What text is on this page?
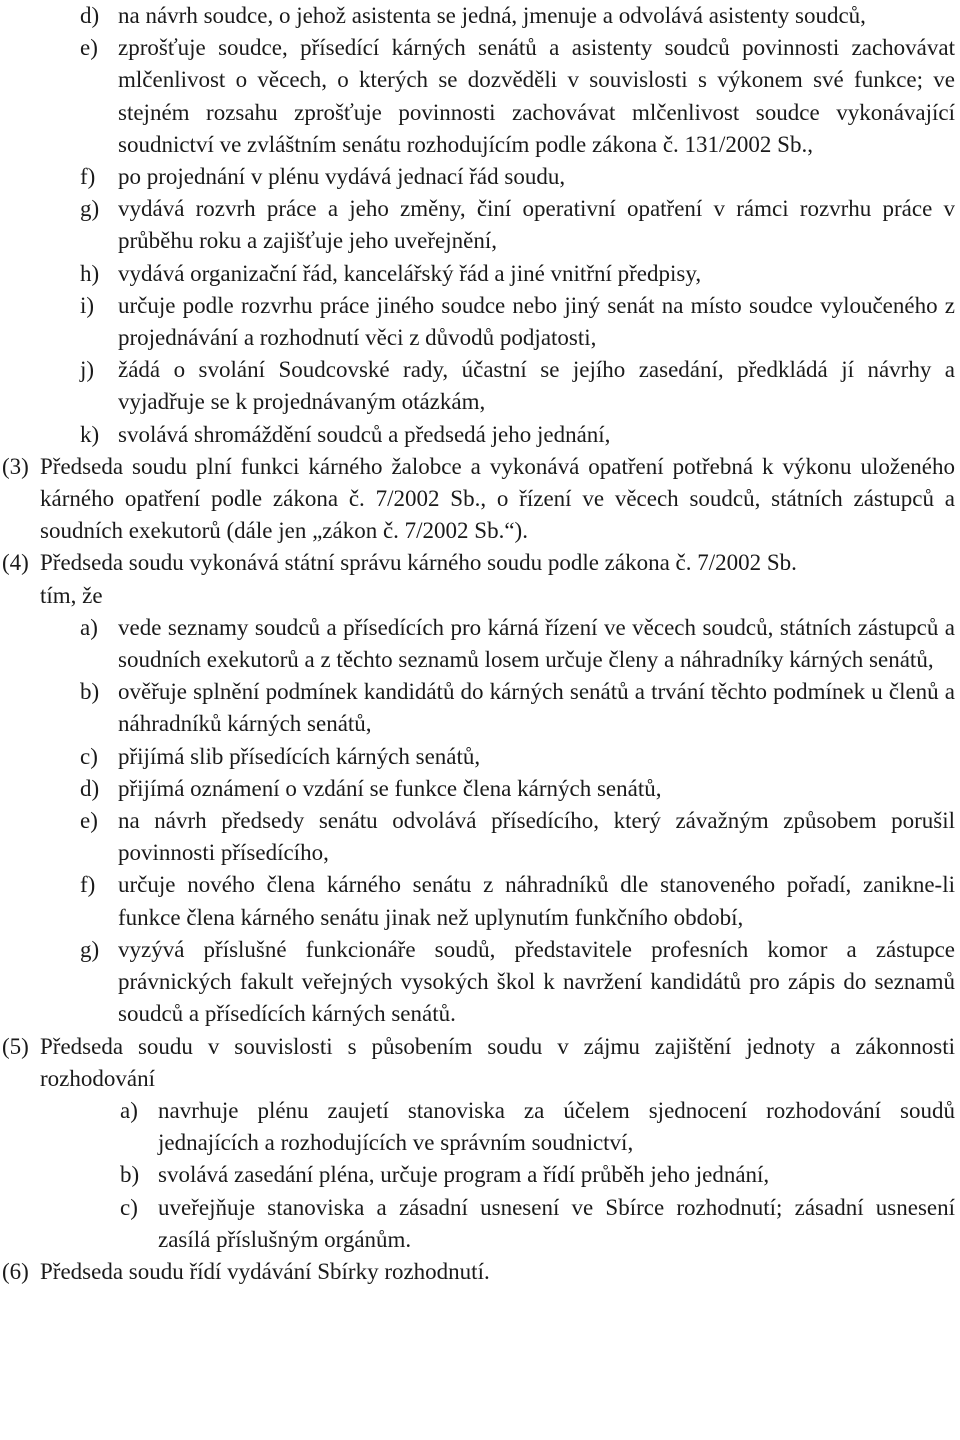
d) na návrh soudce, o jehož asistenta se jedná, jmenuje a odvolává asistenty soudců,
e) zprošťuje soudce, přísedící kárných senátů a asistenty soudců povinnosti zachovávat mlčenlivost o věcech, o kterých se dozvěděli v souvislosti s výkonem své funkce; ve stejném rozsahu zprošťuje povinnosti zachovávat mlčenlivost soudce vykonávající soudnictví ve zvláštním senátu rozhodujícím podle zákona č. 131/2002 Sb.,
f) po projednání v plénu vydává jednací řád soudu,
g) vydává rozvrh práce a jeho změny, činí operativní opatření v rámci rozvrhu práce v průběhu roku a zajišťuje jeho uveřejnění,
h) vydává organizační řád, kancelářský řád a jiné vnitřní předpisy,
i)	určuje podle rozvrhu práce jiného soudce nebo jiný senát na místo soudce vyloučeného z projednávání a rozhodnutí věci z důvodů podjatosti,
j)	žádá o svolání Soudcovské rady, účastní se jejího zasedání, předkládá jí návrhy a vyjadřuje se k projednávaným otázkám,
k) svolává shromáždění soudců a předsedá jeho jednání,
(3) Předseda soudu plní funkci kárného žalobce a vykonává opatření potřebná k výkonu uloženého kárného opatření podle zákona č. 7/2002 Sb., o řízení ve věcech soudců, státních zástupců a soudních exekutorů (dále jen „zákon č. 7/2002 Sb.“).
(4) Předseda soudu vykonává státní správu kárného soudu podle zákona č. 7/2002 Sb.
tím, že
a) vede seznamy soudců a přísedících pro kárná řízení ve věcech soudců, státních zástupců a soudních exekutorů a z těchto seznamů losem určuje členy a náhradníky kárných senátů,
b) ověřuje splnění podmínek kandidátů do kárných senátů a trvání těchto podmínek u členů a náhradníků kárných senátů,
c) přijímá slib přísedících kárných senátů,
d) přijímá oznámení o vzdání se funkce člena kárných senátů,
e) na návrh předsedy senátu odvolává přísedícího, který závažným způsobem porušil povinnosti přísedícího,
f) určuje nového člena kárného senátu z náhradníků dle stanoveného pořadí, zanikne-li funkce člena kárného senátu jinak než uplynutím funkčního období,
g) vyzývá příslušné funkcionáře soudů, představitele profesních komor a zástupce právnických fakult veřejných vysokých škol k navržení kandidátů pro zápis do seznamů soudců a přísedících kárných senátů.
(5) Předseda soudu v souvislosti s působením soudu v zájmu zajištění jednoty a zákonnosti rozhodování
a) navrhuje plénu zaujetí stanoviska za účelem sjednocení rozhodování soudů jednajících a rozhodujících ve správním soudnictví,
b) svolává zasedání pléna, určuje program a řídí průběh jeho jednání,
c) uveřejňuje stanoviska a zásadní usnesení ve Sbírce rozhodnutí; zásadní usnesení zasílá příslušným orgánům.
(6) Předseda soudu řídí vydávání Sbírky rozhodnutí.
